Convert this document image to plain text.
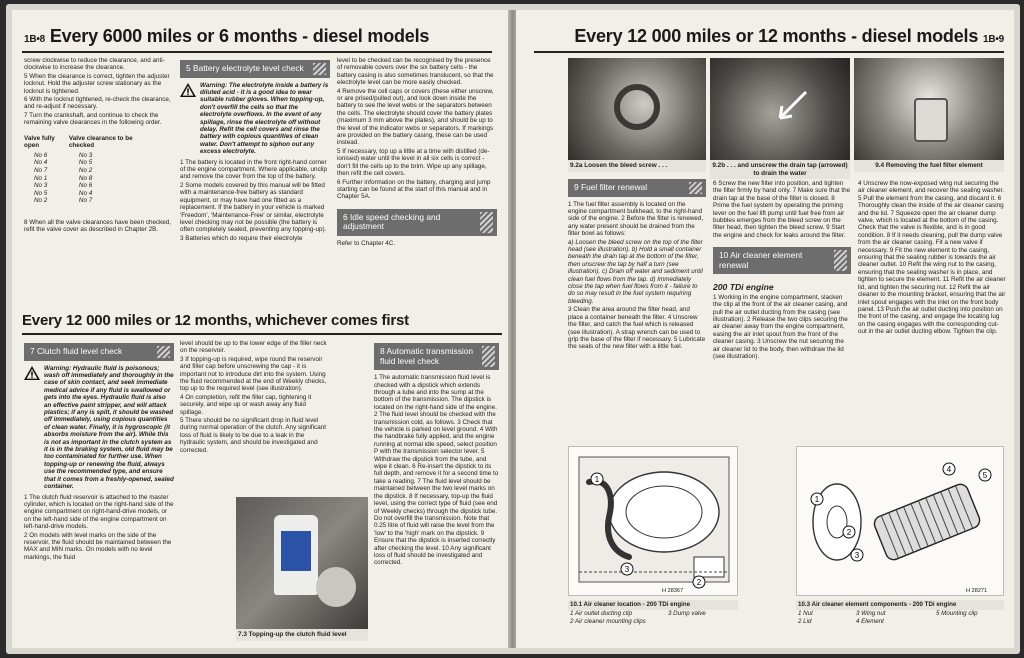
1B•8 Every 6000 miles or 6 months - diesel models

screw clockwise to reduce the clearance, and anti-clockwise to increase the clearance.

5 When the clearance is correct, tighten the adjuster locknut. Hold the adjuster screw stationary as the locknut is tightened.

6 With the locknut tightened, re-check the clearance, and re-adjust if necessary.

7 Turn the crankshaft, and continue to check the remaining valve clearances in the following order.

Valve fully open	Valve clearance to be checked
No 6	No 3
No 4	No 5
No 7	No 2
No 1	No 8
No 3	No 6
No 5	No 4
No 2	No 7

8 When all the valve clearances have been checked, refit the valve cover as described in Chapter 2B.

5 Battery electrolyte level check
Warning: The electrolyte inside a battery is diluted acid - it is a good idea to wear suitable rubber gloves. When topping-up, don't overfill the cells so that the electrolyte overflows. In the event of any spillage, rinse the electrolyte off without delay. Refit the cell covers and rinse the battery with copious quantities of clean water. Don't attempt to siphon out any excess electrolyte.

1 The battery is located in the front right-hand corner of the engine compartment. Where applicable, unclip and remove the cover from the top of the battery.

2 Some models covered by this manual will be fitted with a maintenance-free battery as standard equipment, or may have had one fitted as a replacement. If the battery in your vehicle is marked 'Freedom', 'Maintenance-Free' or similar, electrolyte level checking may not be possible (the battery is often completely sealed, preventing any topping-up).

3 Batteries which do require their electrolyte

level to be checked can be recognised by the presence of removable covers over the six battery cells - the battery casing is also sometimes translucent, so that the electrolyte level can be more easily checked.

4 Remove the cell caps or covers (these either unscrew, or are prised/pulled out), and look down inside the battery to see the level webs or the separators between the cells. The electrolyte should cover the battery plates (maximum 3 mm above the plates), and should be up to the level of the indicator webs or separators. If markings are provided on the battery casing, these can be used instead.

5 If necessary, top up a little at a time with distilled (de-ionised) water until the level in all six cells is correct - don't fill the cells up to the brim. Wipe up any spillage, then refit the cell covers.

6 Further information on the battery, charging and jump starting can be found at the start of this manual and in Chapter 5A.

6 Idle speed checking and adjustment

Refer to Chapter 4C.

Every 12 000 miles or 12 months, whichever comes first
7 Clutch fluid level check
Warning: Hydraulic fluid is poisonous; wash off immediately and thoroughly in the case of skin contact, and seek immediate medical advice if any fluid is swallowed or gets into the eyes. Hydraulic fluid is also an effective paint stripper, and will attack plastics; if any is spilt, it should be washed off immediately, using copious quantities of clean water. Finally, it is hygroscopic (it absorbs moisture from the air). While this is not as important in the clutch system as it is in the braking system, old fluid may be too contaminated for further use. When topping-up or renewing the fluid, always use the recommended type, and ensure that it comes from a freshly-opened, sealed container.

1 The clutch fluid reservoir is attached to the master cylinder, which is located on the right-hand side of the engine compartment on right-hand-drive models, or on the left-hand side of the engine compartment on left-hand-drive models.

2 On models with level marks on the side of the reservoir, the fluid should be maintained between the MAX and MIN marks. On models with no level markings, the fluid

level should be up to the lower edge of the filler neck on the reservoir.

3 If topping-up is required, wipe round the reservoir and filler cap before unscrewing the cap - it is important not to introduce dirt into the system. Using the fluid recommended at the end of Weekly checks, top up to the required level (see illustration).

4 On completion, refit the filler cap, tightening it securely, and wipe up or wash away any fluid spillage.

5 There should be no significant drop in fluid level during normal operation of the clutch. Any significant loss of fluid is likely to be due to a leak in the hydraulic system, and should be investigated and corrected.

7.3 Topping-up the clutch fluid level
8 Automatic transmission fluid level check

1 The automatic transmission fluid level is checked with a dipstick which extends through a tube and into the sump at the bottom of the transmission. The dipstick is located on the right-hand side of the engine. 2 The fluid level should be checked with the transmission cold, as follows. 3 Check that the vehicle is parked on level ground. 4 With the handbrake fully applied, and the engine running at normal idle speed, select position P with the transmission selector lever. 5 Withdraw the dipstick from the tube, and wipe it clean. 6 Re-insert the dipstick to its full depth, and remove it for a second time to take a reading. 7 The fluid level should be maintained between the two level marks on the dipstick. 8 If necessary, top-up the fluid level, using the correct type of fluid (see end of Weekly checks) through the dipstick tube. Do not overfill the transmission. Note that 0.25 litre of fluid will raise the level from the 'low' to the 'high' mark on the dipstick. 9 Ensure that the dipstick is inserted correctly after checking the level. 10 Any significant loss of fluid should be investigated and corrected.

Every 12 000 miles or 12 months - diesel models 1B•9
9.2a Loosen the bleed screw . . .	9.2b . . . and unscrew the drain tap (arrowed) to drain the water
9.4 Removing the fuel filter element
9 Fuel filter renewal

1 The fuel filter assembly is located on the engine compartment bulkhead, to the right-hand side of the engine. 2 Before the filter is renewed, any water present should be drained from the filter bowl as follows:

a) Loosen the bleed screw on the top of the filter head (see illustration). b) Hold a small container beneath the drain tap at the bottom of the filter, then unscrew the tap by half a turn (see illustration). c) Drain off water and sediment until clean fuel flows from the tap. d) Immediately close the tap when fuel flows from it - failure to do so may result in the fuel system requiring bleeding.

3 Clean the area around the filter head, and place a container beneath the filter. 4 Unscrew the filter, and catch the fuel which is released (see illustration). A strap wrench can be used to grip the base of the filter if necessary. 5 Lubricate the seals of the new filter with a little fuel.

6 Screw the new filter into position, and tighten the filter firmly by hand only. 7 Make sure that the drain tap at the base of the filter is closed. 8 Prime the fuel system by operating the priming lever on the fuel lift pump until fuel free from air bubbles emerges from the bleed screw on the filter head, then tighten the bleed screw. 9 Start the engine and check for leaks around the filter.

10 Air cleaner element renewal
200 TDi engine

1 Working in the engine compartment, slacken the clip at the front of the air cleaner casing, and pull the air outlet ducting from the casing (see illustration). 2 Release the two clips securing the air cleaner away from the engine compartment, easing the air inlet spout from the front of the cleaner casing. 3 Unscrew the nut securing the air cleaner lid to the body, then withdraw the lid (see illustration).

4 Unscrew the now-exposed wing nut securing the air cleaner element, and recover the sealing washer. 5 Pull the element from the casing, and discard it. 6 Thoroughly clean the inside of the air cleaner casing and the lid. 7 Squeeze open the air cleaner dump valve, which is located at the bottom of the casing. Check that the valve is flexible, and is in good condition. 8 If it needs cleaning, pull the dump valve from the air cleaner casing. Fit a new valve if necessary. 9 Fit the new element to the casing, ensuring that the sealing rubber is towards the air cleaner outlet. 10 Refit the wing nut to the casing, ensuring that the sealing washer is in place, and tighten to secure the element. 11 Refit the air cleaner lid, and tighten the securing nut. 12 Refit the air cleaner to the mounting bracket, ensuring that the air inlet spout engages with the inlet on the front body panel. 13 Push the air outlet ducting into position on the front of the casing, and engage the locating lug on the casing engages with the corresponding cut-out in the air outlet ducting elbow. Tighten the clip.

1
2
3
H 28367
10.1 Air cleaner location - 200 TDi engine
1 Air outlet ducting clip
2 Air cleaner mounting clips
3 Dump valve
1
2
3
4
5
H 28271
10.3 Air cleaner element components - 200 TDi engine
1 Nut
2 Lid
3 Wing nut
4 Element
5 Mounting clip
